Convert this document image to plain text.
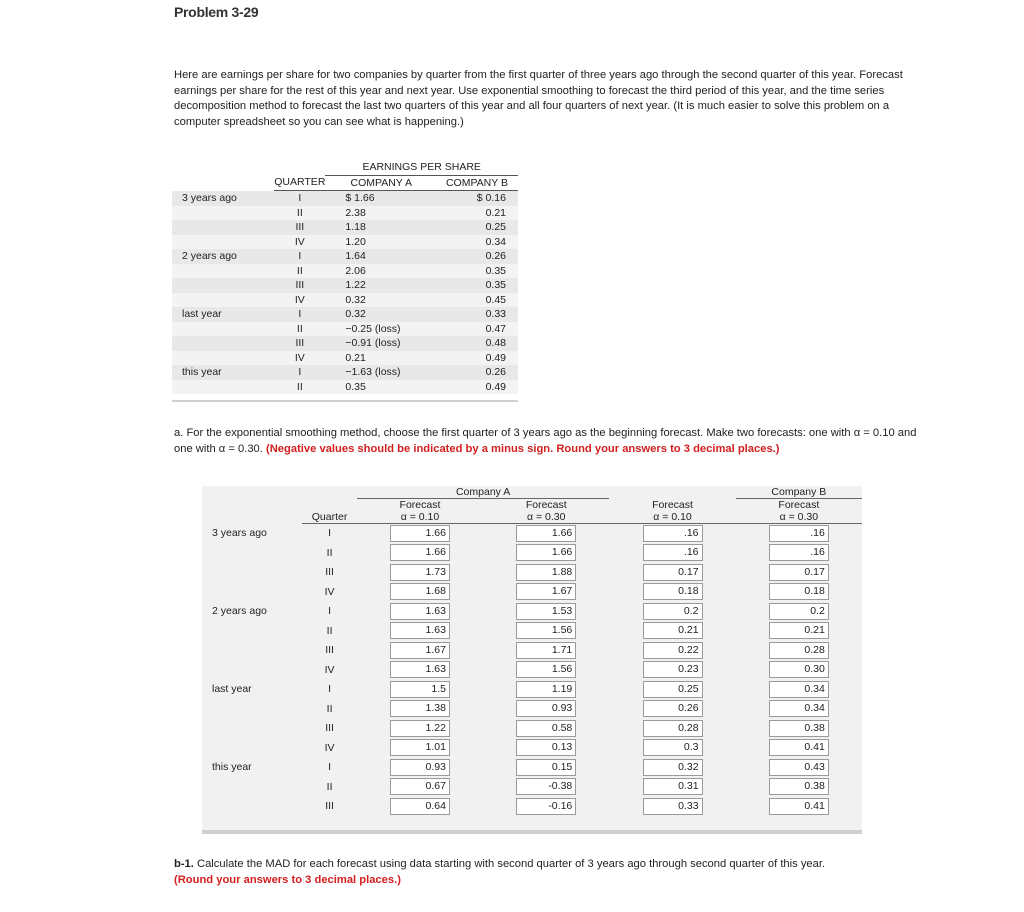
Problem 3-29
Here are earnings per share for two companies by quarter from the first quarter of three years ago through the second quarter of this year. Forecast earnings per share for the rest of this year and next year. Use exponential smoothing to forecast the third period of this year, and the time series decomposition method to forecast the last two quarters of this year and all four quarters of next year. (It is much easier to solve this problem on a computer spreadsheet so you can see what is happening.)
		EARNINGS PER SHARE	
	QUARTER	COMPANY A	COMPANY B
3 years ago	I	$ 1.66	$ 0.16
	II	2.38	0.21
	III	1.18	0.25
	IV	1.20	0.34
2 years ago	I	1.64	0.26
	II	2.06	0.35
	III	1.22	0.35
	IV	0.32	0.45
last year	I	0.32	0.33
	II	−0.25 (loss)	0.47
	III	−0.91 (loss)	0.48
	IV	0.21	0.49
this year	I	−1.63 (loss)	0.26
	II	0.35	0.49
a. For the exponential smoothing method, choose the first quarter of 3 years ago as the beginning forecast. Make two forecasts: one with α = 0.10 and one with α = 0.30. (Negative values should be indicated by a minus sign. Round your answers to 3 decimal places.)
		Company A			Company B
		Forecast	Forecast	Forecast	Forecast
	Quarter	α = 0.10	α = 0.30	α = 0.10	α = 0.30
3 years ago	I	1.66	1.66	.16	.16
	II	1.66	1.66	.16	.16
	III	1.73	1.88	0.17	0.17
	IV	1.68	1.67	0.18	0.18
2 years ago	I	1.63	1.53	0.2	0.2
	II	1.63	1.56	0.21	0.21
	III	1.67	1.71	0.22	0.28
	IV	1.63	1.56	0.23	0.30
last year	I	1.5	1.19	0.25	0.34
	II	1.38	0.93	0.26	0.34
	III	1.22	0.58	0.28	0.38
	IV	1.01	0.13	0.3	0.41
this year	I	0.93	0.15	0.32	0.43
	II	0.67	-0.38	0.31	0.38
	III	0.64	-0.16	0.33	0.41
b-1. Calculate the MAD for each forecast using data starting with second quarter of 3 years ago through second quarter of this year.
(Round your answers to 3 decimal places.)
